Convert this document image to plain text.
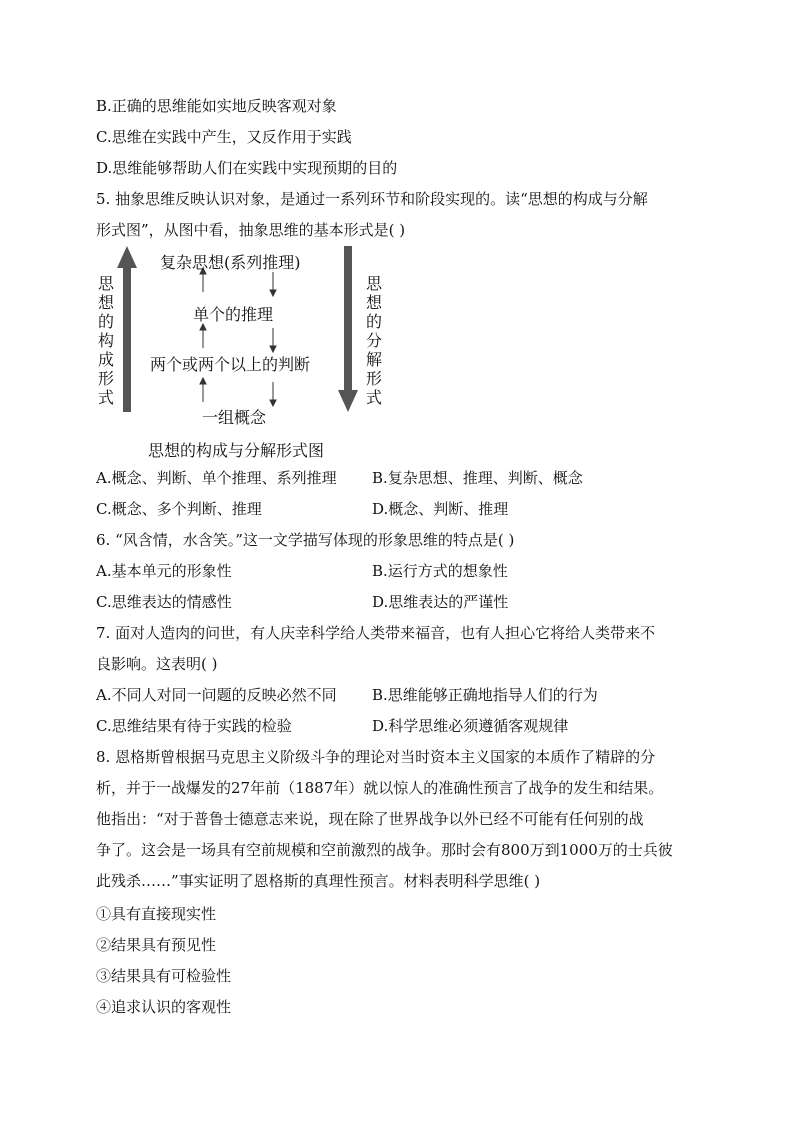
B.正确的思维能如实地反映客观对象
C.思维在实践中产生，又反作用于实践
D.思维能够帮助人们在实践中实现预期的目的
5. 抽象思维反映认识对象，是通过一系列环节和阶段实现的。读“思想的构成与分解
形式图”，从图中看，抽象思维的基本形式是( )
思
想
的
构
成
形
式
思
想
的
分
解
形
式
复杂思想(系列推理)
单个的推理
两个或两个以上的判断
一组概念
思想的构成与分解形式图
A.概念、判断、单个推理、系列推理 B.复杂思想、推理、判断、概念
C.概念、多个判断、推理	D.概念、判断、推理
6. “风含情，水含笑。”这一文学描写体现的形象思维的特点是( )
A.基本单元的形象性	B.运行方式的想象性
C.思维表达的情感性	D.思维表达的严谨性
7. 面对人造肉的问世，有人庆幸科学给人类带来福音，也有人担心它将给人类带来不
良影响。这表明( )
A.不同人对同一问题的反映必然不同 B.思维能够正确地指导人们的行为
C.思维结果有待于实践的检验	D.科学思维必须遵循客观规律
8. 恩格斯曾根据马克思主义阶级斗争的理论对当时资本主义国家的本质作了精辟的分
析，并于一战爆发的27年前（1887年）就以惊人的准确性预言了战争的发生和结果。
他指出：“对于普鲁士德意志来说，现在除了世界战争以外已经不可能有任何别的战
争了。这会是一场具有空前规模和空前激烈的战争。那时会有800万到1000万的士兵彼
此残杀……”事实证明了恩格斯的真理性预言。材料表明科学思维( )
①具有直接现实性
②结果具有预见性
③结果具有可检验性
④追求认识的客观性
